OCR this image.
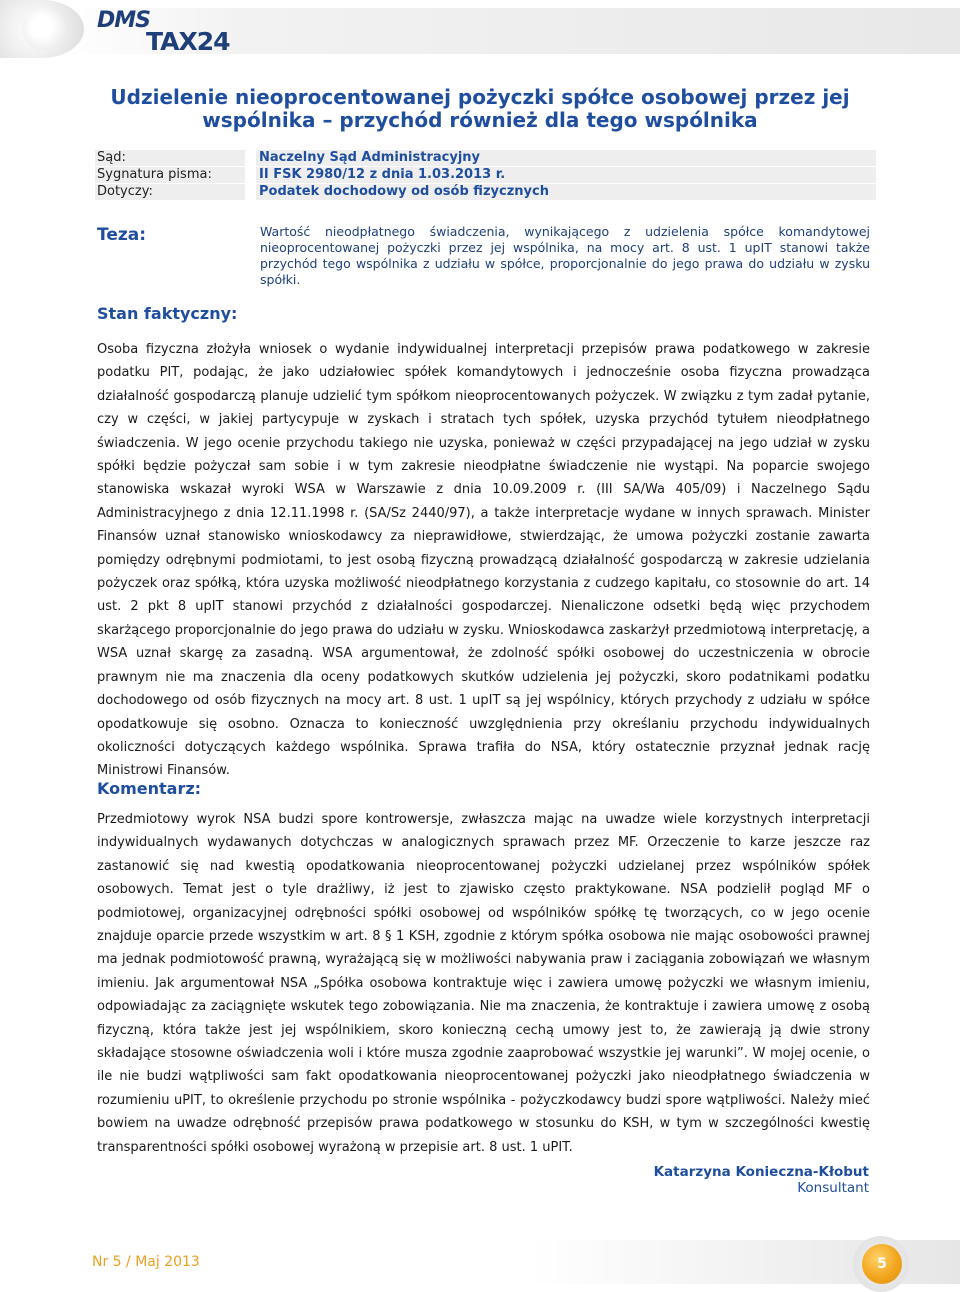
DMS
TAX24
Udzielenie nieoprocentowanej pożyczki spółce osobowej przez jej wspólnika – przychód również dla tego wspólnika
Sąd:
Sygnatura pisma:
Dotyczy:
Naczelny Sąd Administracyjny
II FSK 2980/12 z dnia 1.03.2013 r.
Podatek dochodowy od osób fizycznych
Teza:	Wartość nieodpłatnego świadczenia, wynikającego z udzielenia spółce komandytowej nieoprocentowanej pożyczki przez jej wspólnika, na mocy art. 8 ust. 1 upIT stanowi także przychód tego wspólnika z udziału w spółce, proporcjonalnie do jego prawa do udziału w zysku spółki.
Stan faktyczny:
Osoba fizyczna złożyła wniosek o wydanie indywidualnej interpretacji przepisów prawa podatkowego w zakresie podatku PIT, podając, że jako udziałowiec spółek komandytowych i jednocześnie osoba fizyczna prowadząca działalność gospodarczą planuje udzielić tym spółkom nieoprocentowanych pożyczek. W związku z tym zadał pytanie, czy w części, w jakiej partycypuje w zyskach i stratach tych spółek, uzyska przychód tytułem nieodpłatnego świadczenia. W jego ocenie przychodu takiego nie uzyska, ponieważ w części przypadającej na jego udział w zysku spółki będzie pożyczał sam sobie i w tym zakresie nieodpłatne świadczenie nie wystąpi. Na poparcie swojego stanowiska wskazał wyroki WSA w Warszawie z dnia 10.09.2009 r. (III SA/Wa 405/09) i Naczelnego Sądu Administracyjnego z dnia 12.11.1998 r. (SA/Sz 2440/97), a także interpretacje wydane w innych sprawach. Minister Finansów uznał stanowisko wnioskodawcy za nieprawidłowe, stwierdzając, że umowa pożyczki zostanie zawarta pomiędzy odrębnymi podmiotami, to jest osobą fizyczną prowadzącą działalność gospodarczą w zakresie udzielania pożyczek oraz spółką, która uzyska możliwość nieodpłatnego korzystania z cudzego kapitału, co stosownie do art. 14 ust. 2 pkt 8 upIT stanowi przychód z działalności gospodarczej. Nienaliczone odsetki będą więc przychodem skarżącego proporcjonalnie do jego prawa do udziału w zysku. Wnioskodawca zaskarżył przedmiotową interpretację, a WSA uznał skargę za zasadną. WSA argumentował, że zdolność spółki osobowej do uczestniczenia w obrocie prawnym nie ma znaczenia dla oceny podatkowych skutków udzielenia jej pożyczki, skoro podatnikami podatku dochodowego od osób fizycznych na mocy art. 8 ust. 1 upIT są jej wspólnicy, których przychody z udziału w spółce opodatkowuje się osobno. Oznacza to konieczność uwzględnienia przy określaniu przychodu indywidualnych okoliczności dotyczących każdego wspólnika. Sprawa trafiła do NSA, który ostatecznie przyznał jednak rację Ministrowi Finansów.
Komentarz:
Przedmiotowy wyrok NSA budzi spore kontrowersje, zwłaszcza mając na uwadze wiele korzystnych interpretacji indywidualnych wydawanych dotychczas w analogicznych sprawach przez MF. Orzeczenie to karze jeszcze raz zastanowić się nad kwestią opodatkowania nieoprocentowanej pożyczki udzielanej przez wspólników spółek osobowych. Temat jest o tyle drażliwy, iż jest to zjawisko często praktykowane. NSA podzielił pogląd MF o podmiotowej, organizacyjnej odrębności spółki osobowej od wspólników spółkę tę tworzących, co w jego ocenie znajduje oparcie przede wszystkim w art. 8 § 1 KSH, zgodnie z którym spółka osobowa nie mając osobowości prawnej ma jednak podmiotowość prawną, wyrażającą się w możliwości nabywania praw i zaciągania zobowiązań we własnym imieniu. Jak argumentował NSA „Spółka osobowa kontraktuje więc i zawiera umowę pożyczki we własnym imieniu, odpowiadając za zaciągnięte wskutek tego zobowiązania. Nie ma znaczenia, że kontraktuje i zawiera umowę z osobą fizyczną, która także jest jej wspólnikiem, skoro konieczną cechą umowy jest to, że zawierają ją dwie strony składające stosowne oświadczenia woli i które musza zgodnie zaaprobować wszystkie jej warunki”. W mojej ocenie, o ile nie budzi wątpliwości sam fakt opodatkowania nieoprocentowanej pożyczki jako nieodpłatnego świadczenia w rozumieniu uPIT, to określenie przychodu po stronie wspólnika - pożyczkodawcy budzi spore wątpliwości. Należy mieć bowiem na uwadze odrębność przepisów prawa podatkowego w stosunku do KSH, w tym w szczególności kwestię transparentności spółki osobowej wyrażoną w przepisie art. 8 ust. 1 uPIT.
Katarzyna Konieczna-Kłobut
Konsultant
Nr 5 / Maj 2013	5
